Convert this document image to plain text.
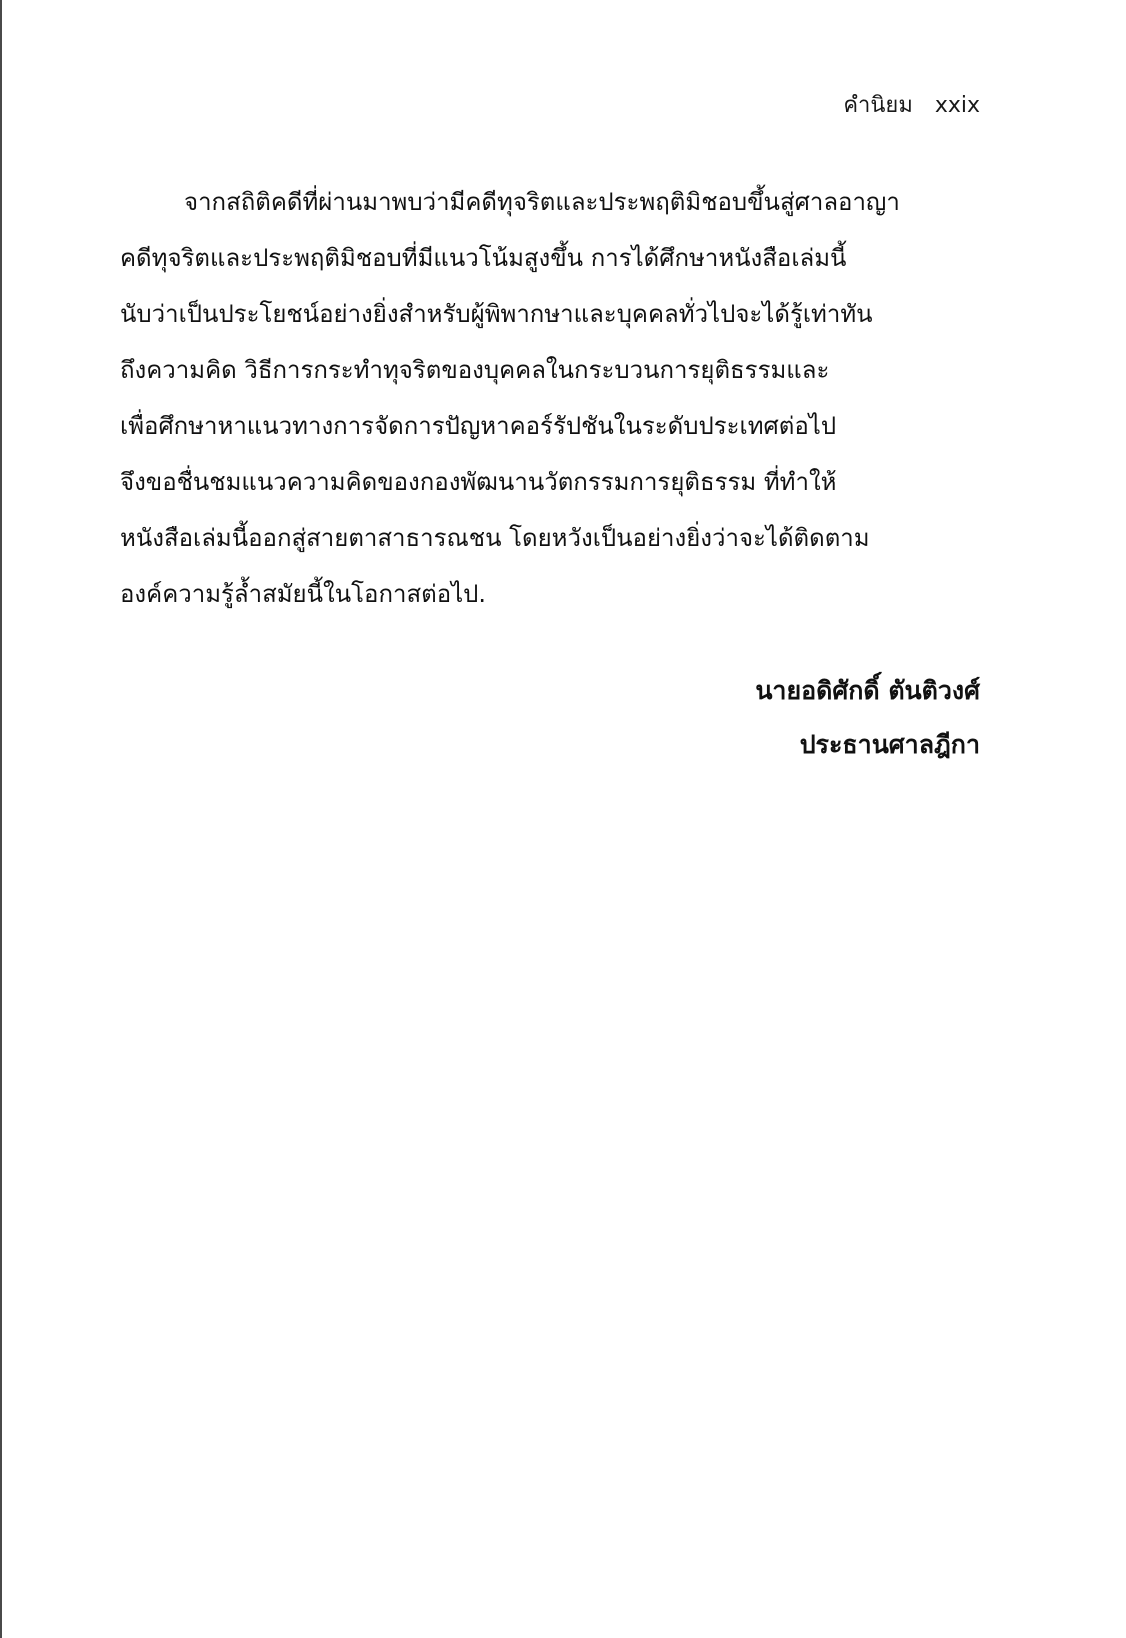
คำนิยม xxix
จากสถิติคดีที่ผ่านมาพบว่ามีคดีทุจริตและประพฤติมิชอบขึ้นสู่ศาลอาญา
คดีทุจริตและประพฤติมิชอบที่มีแนวโน้มสูงขึ้น การได้ศึกษาหนังสือเล่มนี้
นับว่าเป็นประโยชน์อย่างยิ่งสำหรับผู้พิพากษาและบุคคลทั่วไปจะได้รู้เท่าทัน
ถึงความคิด วิธีการกระทำทุจริตของบุคคลในกระบวนการยุติธรรมและ
เพื่อศึกษาหาแนวทางการจัดการปัญหาคอร์รัปชันในระดับประเทศต่อไป
จึงขอชื่นชมแนวความคิดของกองพัฒนานวัตกรรมการยุติธรรม ที่ทำให้
หนังสือเล่มนี้ออกสู่สายตาสาธารณชน โดยหวังเป็นอย่างยิ่งว่าจะได้ติดตาม
องค์ความรู้ล้ำสมัยนี้ในโอกาสต่อไป.
นายอดิศักดิ์ ตันติวงศ์
ประธานศาลฎีกา
